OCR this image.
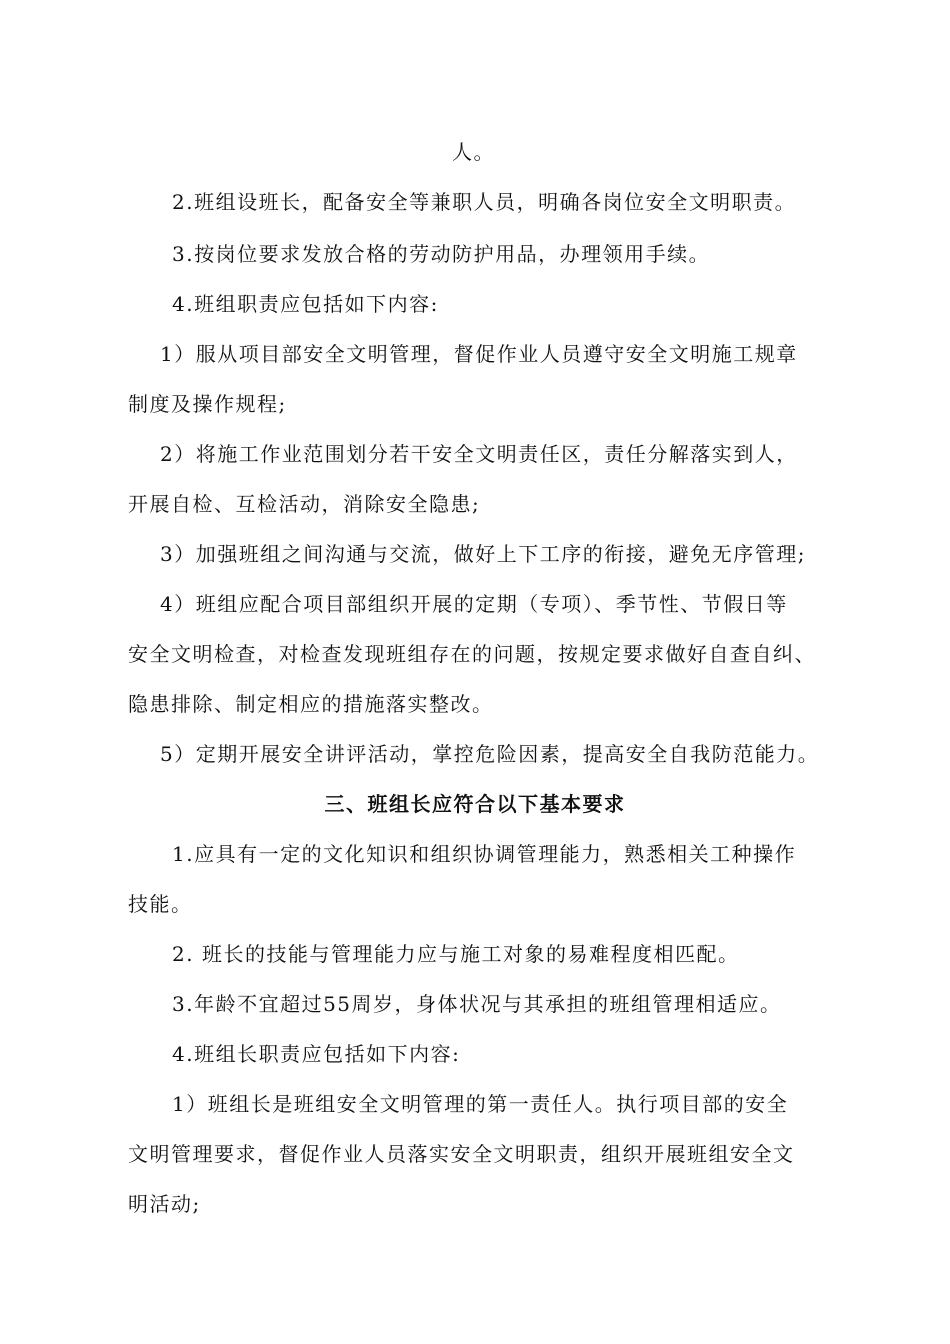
人。
2.班组设班长，配备安全等兼职人员，明确各岗位安全文明职责。
3.按岗位要求发放合格的劳动防护用品，办理领用手续。
4.班组职责应包括如下内容:
1）服从项目部安全文明管理，督促作业人员遵守安全文明施工规章
制度及操作规程;
2）将施工作业范围划分若干安全文明责任区，责任分解落实到人，
开展自检、互检活动，消除安全隐患;
3）加强班组之间沟通与交流，做好上下工序的衔接，避免无序管理;
4）班组应配合项目部组织开展的定期（专项）、季节性、节假日等
安全文明检查，对检查发现班组存在的问题，按规定要求做好自查自纠、
隐患排除、制定相应的措施落实整改。
5）定期开展安全讲评活动，掌控危险因素，提高安全自我防范能力。
三、班组长应符合以下基本要求
1.应具有一定的文化知识和组织协调管理能力，熟悉相关工种操作
技能。
2. 班长的技能与管理能力应与施工对象的易难程度相匹配。
3.年龄不宜超过55周岁，身体状况与其承担的班组管理相适应。
4.班组长职责应包括如下内容:
1）班组长是班组安全文明管理的第一责任人。执行项目部的安全
文明管理要求，督促作业人员落实安全文明职责，组织开展班组安全文
明活动;
